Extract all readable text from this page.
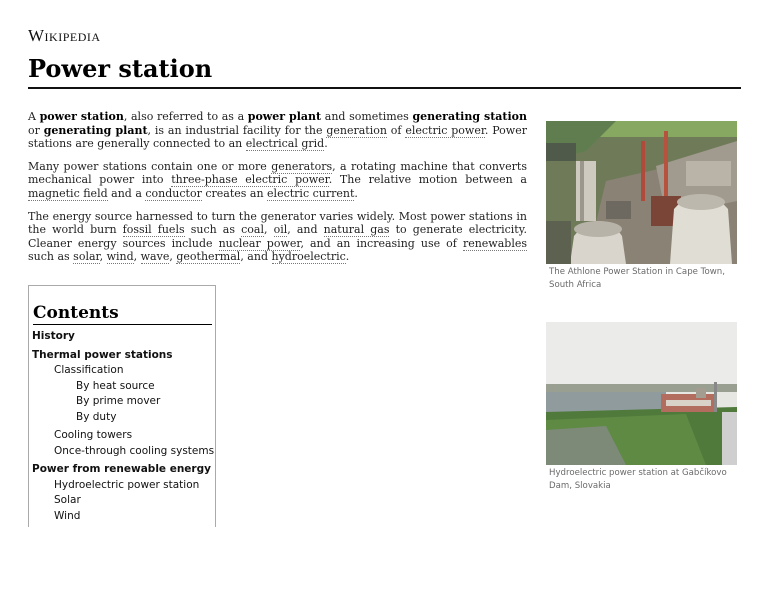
Wikipedia
Power station

A power station, also referred to as a power plant and sometimes generating station or generating plant, is an industrial facility for the generation of electric power. Power stations are generally connected to an electrical grid.

Many power stations contain one or more generators, a rotating machine that converts mechanical power into three-phase electric power. The relative motion between a magnetic field and a conductor creates an electric current.

The energy source harnessed to turn the generator varies widely. Most power stations in the world burn fossil fuels such as coal, oil, and natural gas to generate electricity. Cleaner energy sources include nuclear power, and an increasing use of renewables such as solar, wind, wave, geothermal, and hydroelectric.

The Athlone Power Station in Cape Town, South Africa
Hydroelectric power station at Gabčíkovo Dam, Slovakia
Contents
History
Thermal power stations
Classification
By heat source
By prime mover
By duty
Cooling towers
Once-through cooling systems
Power from renewable energy
Hydroelectric power station
Solar
Wind
